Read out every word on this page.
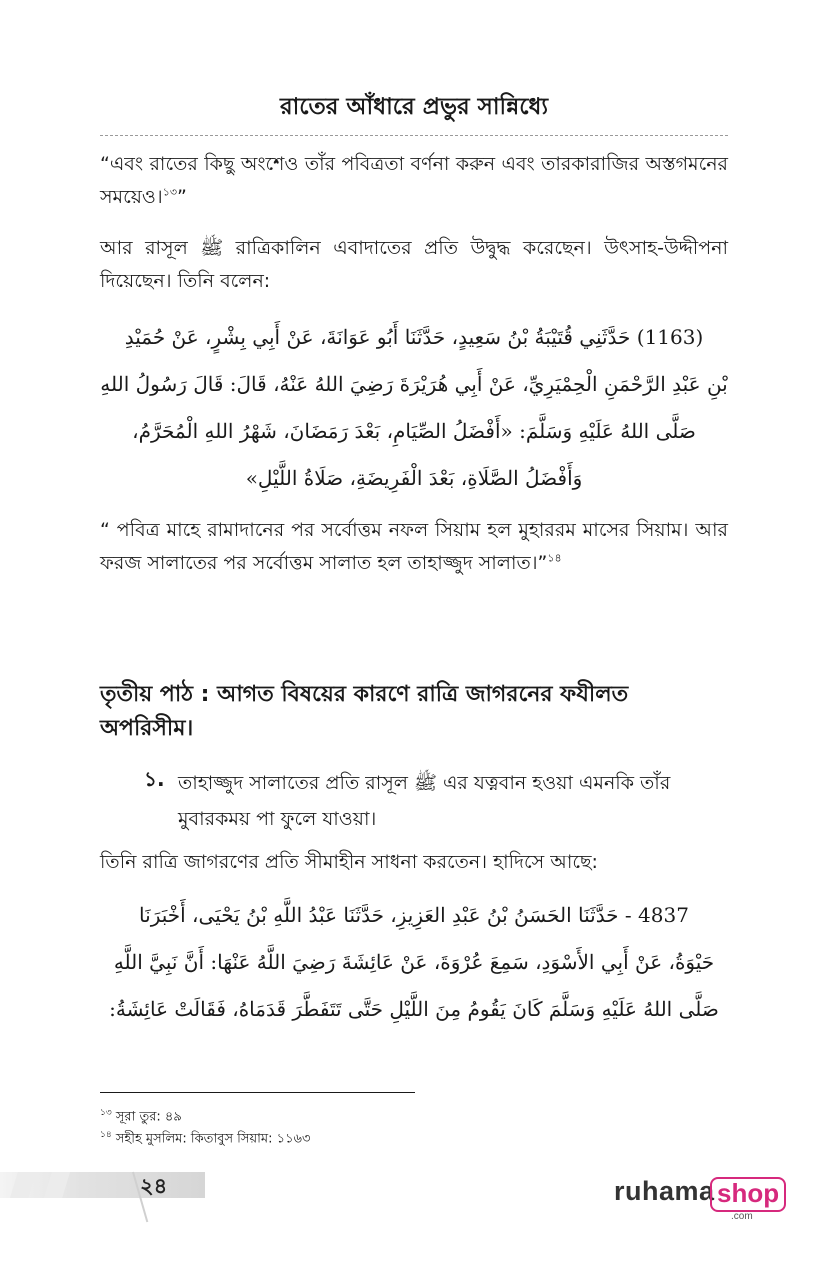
রাতের আঁধারে প্রভুর সান্নিধ্যে
“এবং রাতের কিছু অংশেও তাঁর পবিত্রতা বর্ণনা করুন এবং তারকারাজির অস্তগমনের সময়েও।$^{১৩}$”
আর রাসূল ﷺ রাত্রিকালিন এবাদাতের প্রতি উদ্বুদ্ধ করেছেন। উৎসাহ-উদ্দীপনা দিয়েছেন। তিনি বলেন:
(1163) حَدَّثَنِي قُتَيْبَةُ بْنُ سَعِيدٍ، حَدَّثَنَا أَبُو عَوَانَةَ، عَنْ أَبِي بِشْرٍ، عَنْ حُمَيْدِ
بْنِ عَبْدِ الرَّحْمَنِ الْحِمْيَرِيِّ، عَنْ أَبِي هُرَيْرَةَ رَضِيَ اللهُ عَنْهُ، قَالَ: قَالَ رَسُولُ اللهِ
صَلَّى اللهُ عَلَيْهِ وَسَلَّمَ: «أَفْضَلُ الصِّيَامِ، بَعْدَ رَمَضَانَ، شَهْرُ اللهِ الْمُحَرَّمُ،
وَأَفْضَلُ الصَّلَاةِ، بَعْدَ الْفَرِيضَةِ، صَلَاةُ اللَّيْلِ»
“ পবিত্র মাহে রামাদানের পর সর্বোত্তম নফল সিয়াম হল মুহাররম মাসের সিয়াম। আর ফরজ সালাতের পর সর্বোত্তম সালাত হল তাহাজ্জুদ সালাত।”$^{১৪}$
তৃতীয় পাঠ : আগত বিষয়ের কারণে রাত্রি জাগরনের ফযীলত অপরিসীম।
১. তাহাজ্জুদ সালাতের প্রতি রাসূল ﷺ এর যত্নবান হওয়া এমনকি তাঁর মুবারকময় পা ফুলে যাওয়া।
তিনি রাত্রি জাগরণের প্রতি সীমাহীন সাধনা করতেন। হাদিসে আছে:
4837 - حَدَّثَنَا الحَسَنُ بْنُ عَبْدِ العَزِيزِ، حَدَّثَنَا عَبْدُ اللَّهِ بْنُ يَحْيَى، أَخْبَرَنَا
حَيْوَةُ، عَنْ أَبِي الأَسْوَدِ، سَمِعَ عُرْوَةَ، عَنْ عَائِشَةَ رَضِيَ اللَّهُ عَنْهَا: أَنَّ نَبِيَّ اللَّهِ
صَلَّى اللهُ عَلَيْهِ وَسَلَّمَ كَانَ يَقُومُ مِنَ اللَّيْلِ حَتَّى تَتَفَطَّرَ قَدَمَاهُ، فَقَالَتْ عَائِشَةُ:
$^{১৩}$ সূরা তুর: ৪৯
$^{১৪}$ সহীহ মুসলিম: কিতাবুস সিয়াম: ১১৬৩
২৪	ruhama shop
.com
